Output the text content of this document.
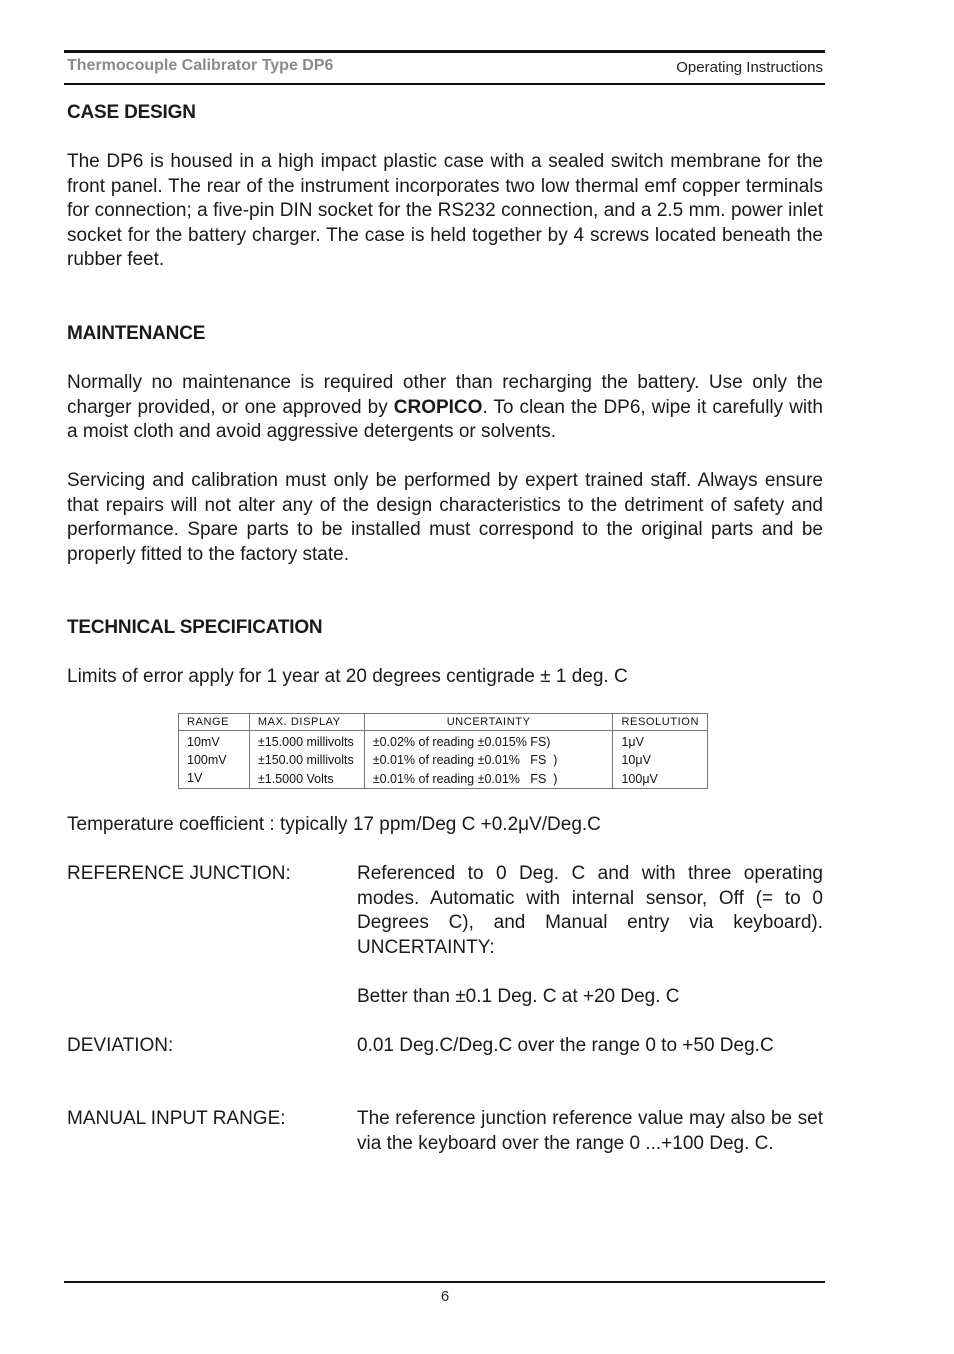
Thermocouple Calibrator Type DP6	Operating Instructions
CASE DESIGN
The DP6 is housed in a high impact plastic case with a sealed switch membrane for the front panel. The rear of the instrument incorporates two low thermal emf copper terminals for connection; a five-pin DIN socket for the RS232 connection, and a 2.5 mm. power inlet socket for the battery charger. The case is held together by 4 screws located beneath the rubber feet.
MAINTENANCE
Normally no maintenance is required other than recharging the battery. Use only the charger provided, or one approved by CROPICO. To clean the DP6, wipe it carefully with a moist cloth and avoid aggressive detergents or solvents.
Servicing and calibration must only be performed by expert trained staff. Always ensure that repairs will not alter any of the design characteristics to the detriment of safety and performance. Spare parts to be installed must correspond to the original parts and be properly fitted to the factory state.
TECHNICAL SPECIFICATION
Limits of error apply for 1 year at 20 degrees centigrade ± 1 deg. C
RANGE	MAX. DISPLAY	UNCERTAINTY	RESOLUTION
10mV	±15.000 millivolts	±0.02% of reading ±0.015% FS)	1μV
100mV	±150.00 millivolts	±0.01% of reading ±0.01%   FS  )	10μV
1V	±1.5000 Volts	±0.01% of reading ±0.01%   FS  )	100μV
Temperature coefficient : typically 17 ppm/Deg C +0.2μV/Deg.C
REFERENCE JUNCTION:	Referenced to 0 Deg. C and with three operating modes. Automatic with internal sensor, Off (= to 0 Degrees C), and Manual entry via keyboard). UNCERTAINTY:
Better than ±0.1 Deg. C at +20 Deg. C
DEVIATION:	0.01 Deg.C/Deg.C over the range 0 to +50 Deg.C
MANUAL INPUT RANGE:	The reference junction reference value may also be set via the keyboard over the range 0 ...+100 Deg. C.
6
